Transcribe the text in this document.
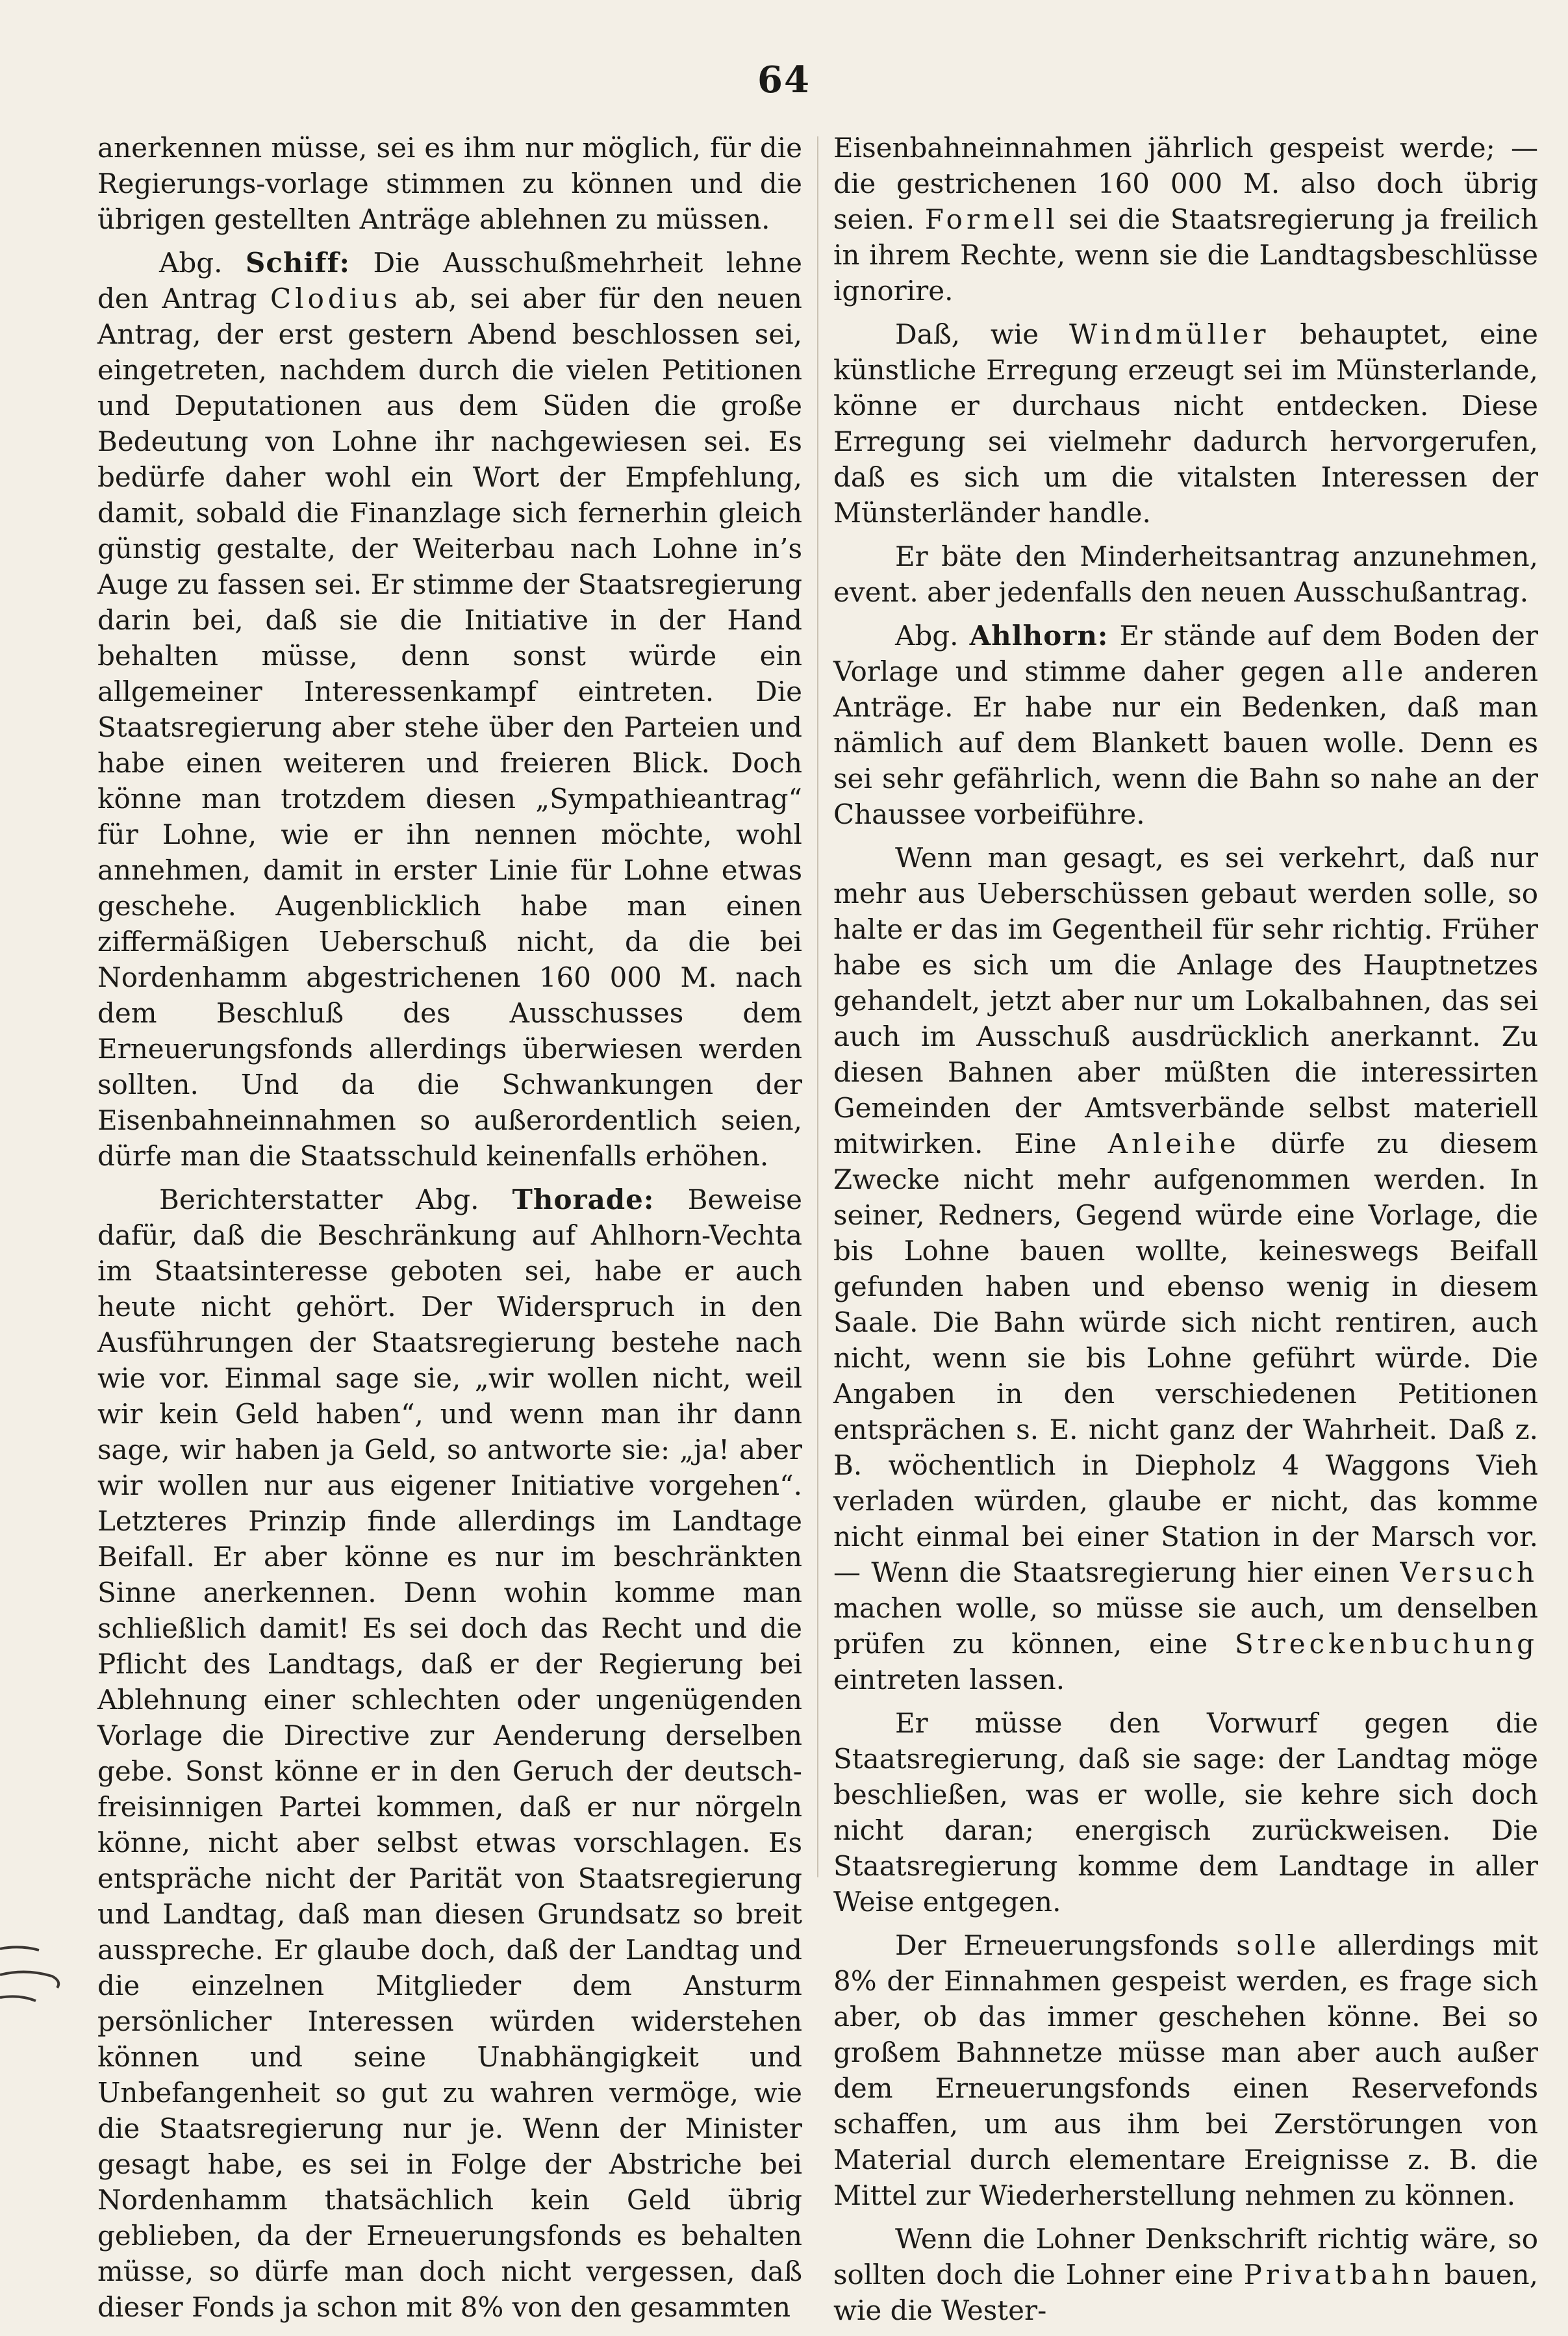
64

anerkennen müsse, sei es ihm nur möglich, für die Regierungs-vorlage stimmen zu können und die übrigen gestellten Anträge ablehnen zu müssen.

Abg. Schiff: Die Ausschußmehrheit lehne den Antrag Clodius ab, sei aber für den neuen Antrag, der erst gestern Abend beschlossen sei, eingetreten, nachdem durch die vielen Petitionen und Deputationen aus dem Süden die große Bedeutung von Lohne ihr nachgewiesen sei. Es bedürfe daher wohl ein Wort der Empfehlung, damit, sobald die Finanzlage sich fernerhin gleich günstig gestalte, der Weiterbau nach Lohne in’s Auge zu fassen sei. Er stimme der Staatsregierung darin bei, daß sie die Initiative in der Hand behalten müsse, denn sonst würde ein allgemeiner Interessenkampf eintreten. Die Staatsregierung aber stehe über den Parteien und habe einen weiteren und freieren Blick. Doch könne man trotzdem diesen „Sympathieantrag“ für Lohne, wie er ihn nennen möchte, wohl annehmen, damit in erster Linie für Lohne etwas geschehe. Augenblicklich habe man einen ziffermäßigen Ueberschuß nicht, da die bei Nordenhamm abgestrichenen 160 000 M. nach dem Beschluß des Ausschusses dem Erneuerungsfonds allerdings überwiesen werden sollten. Und da die Schwankungen der Eisenbahneinnahmen so außerordentlich seien, dürfe man die Staatsschuld keinenfalls erhöhen.

Berichterstatter Abg. Thorade: Beweise dafür, daß die Beschränkung auf Ahlhorn-Vechta im Staatsinteresse geboten sei, habe er auch heute nicht gehört. Der Widerspruch in den Ausführungen der Staatsregierung bestehe nach wie vor. Einmal sage sie, „wir wollen nicht, weil wir kein Geld haben“, und wenn man ihr dann sage, wir haben ja Geld, so antworte sie: „ja! aber wir wollen nur aus eigener Initiative vorgehen“. Letzteres Prinzip finde allerdings im Landtage Beifall. Er aber könne es nur im beschränkten Sinne anerkennen. Denn wohin komme man schließlich damit! Es sei doch das Recht und die Pflicht des Landtags, daß er der Regierung bei Ablehnung einer schlechten oder ungenügenden Vorlage die Directive zur Aenderung derselben gebe. Sonst könne er in den Geruch der deutsch-freisinnigen Partei kommen, daß er nur nörgeln könne, nicht aber selbst etwas vorschlagen. Es entspräche nicht der Parität von Staatsregierung und Landtag, daß man diesen Grundsatz so breit ausspreche. Er glaube doch, daß der Landtag und die einzelnen Mitglieder dem Ansturm persönlicher Interessen würden widerstehen können und seine Unabhängigkeit und Unbefangenheit so gut zu wahren vermöge, wie die Staatsregierung nur je. Wenn der Minister gesagt habe, es sei in Folge der Abstriche bei Nordenhamm thatsächlich kein Geld übrig geblieben, da der Erneuerungsfonds es behalten müsse, so dürfe man doch nicht vergessen, daß dieser Fonds ja schon mit 8% von den gesammten

Eisenbahneinnahmen jährlich gespeist werde; — die gestrichenen 160 000 M. also doch übrig seien. Formell sei die Staatsregierung ja freilich in ihrem Rechte, wenn sie die Landtagsbeschlüsse ignorire.

Daß, wie Windmüller behauptet, eine künstliche Erregung erzeugt sei im Münsterlande, könne er durchaus nicht entdecken. Diese Erregung sei vielmehr dadurch hervorgerufen, daß es sich um die vitalsten Interessen der Münsterländer handle.

Er bäte den Minderheitsantrag anzunehmen, event. aber jedenfalls den neuen Ausschußantrag.

Abg. Ahlhorn: Er stände auf dem Boden der Vorlage und stimme daher gegen alle anderen Anträge. Er habe nur ein Bedenken, daß man nämlich auf dem Blankett bauen wolle. Denn es sei sehr gefährlich, wenn die Bahn so nahe an der Chaussee vorbeiführe.

Wenn man gesagt, es sei verkehrt, daß nur mehr aus Ueberschüssen gebaut werden solle, so halte er das im Gegentheil für sehr richtig. Früher habe es sich um die Anlage des Hauptnetzes gehandelt, jetzt aber nur um Lokalbahnen, das sei auch im Ausschuß ausdrücklich anerkannt. Zu diesen Bahnen aber müßten die interessirten Gemeinden der Amtsverbände selbst materiell mitwirken. Eine Anleihe dürfe zu diesem Zwecke nicht mehr aufgenommen werden. In seiner, Redners, Gegend würde eine Vorlage, die bis Lohne bauen wollte, keineswegs Beifall gefunden haben und ebenso wenig in diesem Saale. Die Bahn würde sich nicht rentiren, auch nicht, wenn sie bis Lohne geführt würde. Die Angaben in den verschiedenen Petitionen entsprächen s. E. nicht ganz der Wahrheit. Daß z. B. wöchentlich in Diepholz 4 Waggons Vieh verladen würden, glaube er nicht, das komme nicht einmal bei einer Station in der Marsch vor. — Wenn die Staatsregierung hier einen Versuch machen wolle, so müsse sie auch, um denselben prüfen zu können, eine Streckenbuchung eintreten lassen.

Er müsse den Vorwurf gegen die Staatsregierung, daß sie sage: der Landtag möge beschließen, was er wolle, sie kehre sich doch nicht daran; energisch zurückweisen. Die Staatsregierung komme dem Landtage in aller Weise entgegen.

Der Erneuerungsfonds solle allerdings mit 8% der Einnahmen gespeist werden, es frage sich aber, ob das immer geschehen könne. Bei so großem Bahnnetze müsse man aber auch außer dem Erneuerungsfonds einen Reservefonds schaffen, um aus ihm bei Zerstörungen von Material durch elementare Ereignisse z. B. die Mittel zur Wiederherstellung nehmen zu können.

Wenn die Lohner Denkschrift richtig wäre, so sollten doch die Lohner eine Privatbahn bauen, wie die Wester-
